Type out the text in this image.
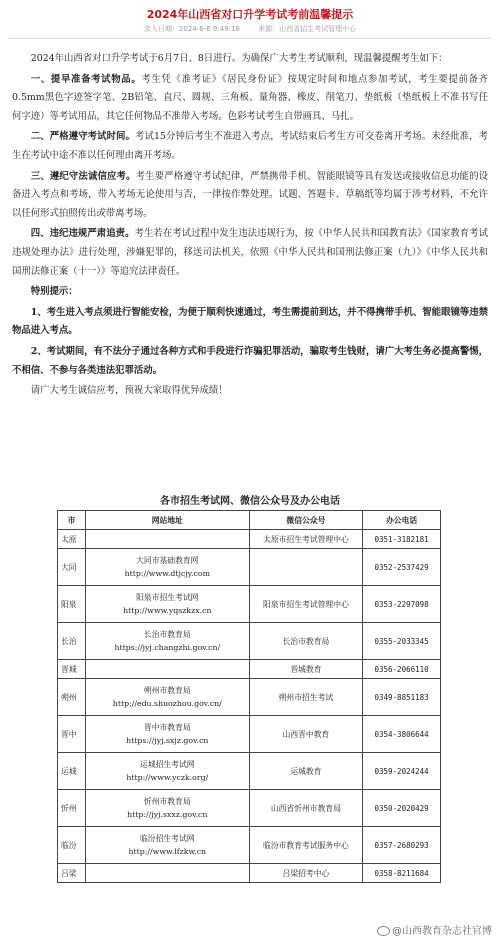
2024年山西省对口升学考试考前温馨提示
录入日期：2024-6-6 9:49:16	来源：山西省招生考试管理中心

2024年山西省对口升学考试于6月7日、8日进行。为确保广大考生考试顺利，现温馨提醒考生如下：

一、提早准备考试物品。考生凭《准考证》《居民身份证》按规定时间和地点参加考试，考生要提前备齐0.5mm黑色字迹签字笔、2B铅笔、直尺、圆规、三角板、量角器、橡皮、削笔刀、垫纸板（垫纸板上不准书写任何字迹）等考试用品，其它任何物品不准带入考场。色彩考试考生自带画具、马扎。

二、严格遵守考试时间。考试15分钟后考生不准进入考点，考试结束后考生方可交卷离开考场。未经批准，考生在考试中途不准以任何理由离开考场。

三、遵纪守法诚信应考。考生要严格遵守考试纪律，严禁携带手机、智能眼镜等具有发送或接收信息功能的设备进入考点和考场，带入考场无论使用与否，一律按作弊处理。试题、答题卡、草稿纸等均属于涉考材料，不允许以任何形式拍照传出或带离考场。

四、违纪违规严肃追责。考生若在考试过程中发生违法违规行为，按《中华人民共和国教育法》《国家教育考试违规处理办法》进行处理，涉嫌犯罪的，移送司法机关，依照《中华人民共和国刑法修正案（九）》《中华人民共和国刑法修正案（十一）》等追究法律责任。

特别提示：

1、考生进入考点须进行智能安检，为便于顺利快速通过，考生需提前到达，并不得携带手机、智能眼镜等违禁物品进入考点。

2、考试期间，有不法分子通过各种方式和手段进行诈骗犯罪活动，骗取考生钱财，请广大考生务必提高警惕，不相信、不参与各类违法犯罪活动。

请广大考生诚信应考，预祝大家取得优异成绩！

各市招生考试网、微信公众号及办公电话
市	网站地址	微信公众号	办公电话
太原		太原市招生考试管理中心	0351-3182181
大同	大同市基础教育网
http://www.dtjcjy.com		0352-2537429
阳泉	阳泉市招生考试网
http://www.yqszkzx.cn	阳泉市招生考试管理中心	0353-2297098
长治	长治市教育局
https://jyj.changzhi.gov.cn/	长治市教育局	0355-2033345
晋城		晋城教育	0356-2066110
朔州	朔州市教育局
http://edu.shuozhou.gov.cn/	朔州市招生考试	0349-8851183
晋中	晋中市教育局
https://jyj.sxjz.gov.cn	山西晋中教育	0354-3806644
运城	运城招生考试网
http://www.yczk.org/	运城教育	0359-2024244
忻州	忻州市教育局
http://jyj.sxxz.gov.cn	山西省忻州市教育局	0350-2020429
临汾	临汾招生考试网
http://www.lfzkw.cn	临汾市教育考试服务中心	0357-2680293
吕梁		吕梁招考中心	0358-8211684
@山西教育杂志社官博
